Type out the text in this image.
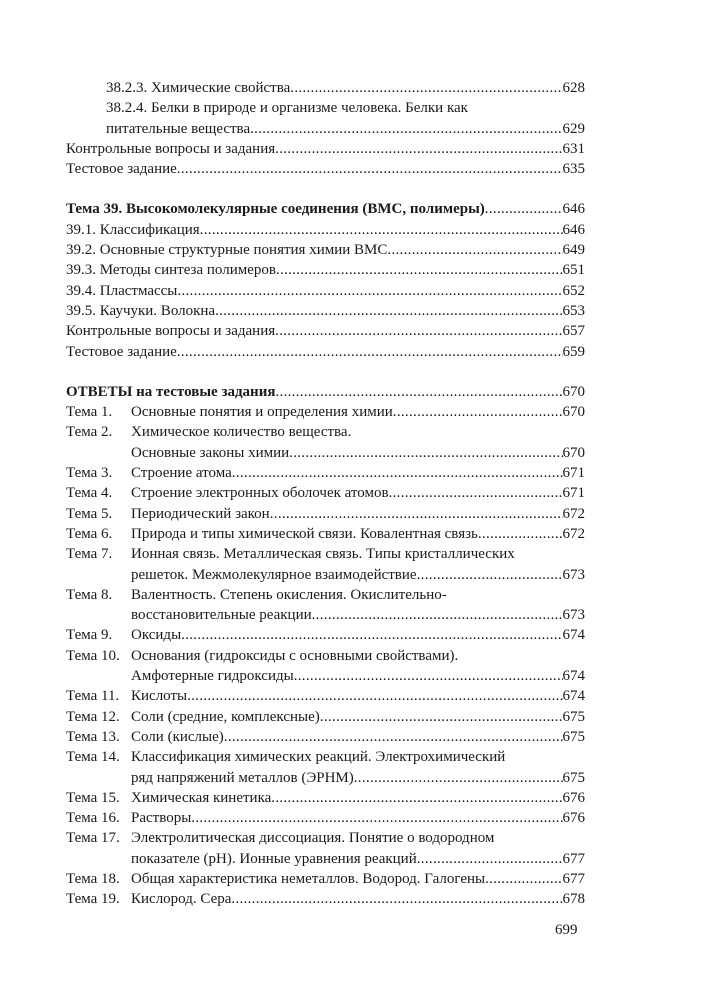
38.2.3. Химические свойства .....	628
38.2.4. Белки в природе и организме человека. Белки как
питательные вещества .....	629
Контрольные вопросы и задания .....	631
Тестовое задание .....	635
Тема 39. Высокомолекулярные соединения (ВМС, полимеры) .....	646
39.1. Классификация .....	646
39.2. Основные структурные понятия химии ВМС .....	649
39.3. Методы синтеза полимеров .....	651
39.4. Пластмассы .....	652
39.5. Каучуки. Волокна .....	653
Контрольные вопросы и задания .....	657
Тестовое задание .....	659
ОТВЕТЫ на тестовые задания .....	670
Тема 1.	Основные понятия и определения химии .....	670
Тема 2. Химическое количество вещества.
Основные законы химии .....	670
Тема 3.	Строение атома .....	671
Тема 4.	Строение электронных оболочек атомов .....	671
Тема 5.	Периодический закон .....	672
Тема 6.	Природа и типы химической связи. Ковалентная связь .....	672
Тема 7. Ионная связь. Металлическая связь. Типы кристаллических
решеток. Межмолекулярное взаимодействие .....	673
Тема 8. Валентность. Степень окисления. Окислительно-
восстановительные реакции .....	673
Тема 9.	Оксиды .....	674
Тема 10. Основания (гидроксиды с основными свойствами).
Амфотерные гидроксиды .....	674
Тема 11. Кислоты .....	674
Тема 12. Соли (средние, комплексные) .....	675
Тема 13. Соли (кислые) .....	675
Тема 14. Классификация химических реакций. Электрохимический
ряд напряжений металлов (ЭРНМ) .....	675
Тема 15. Химическая кинетика .....	676
Тема 16. Растворы .....	676
Тема 17. Электролитическая диссоциация. Понятие о водородном
показателе (pH). Ионные уравнения реакций .....	677
Тема 18. Общая характеристика неметаллов. Водород. Галогены .....	677
Тема 19. Кислород. Сера .....	678
699
